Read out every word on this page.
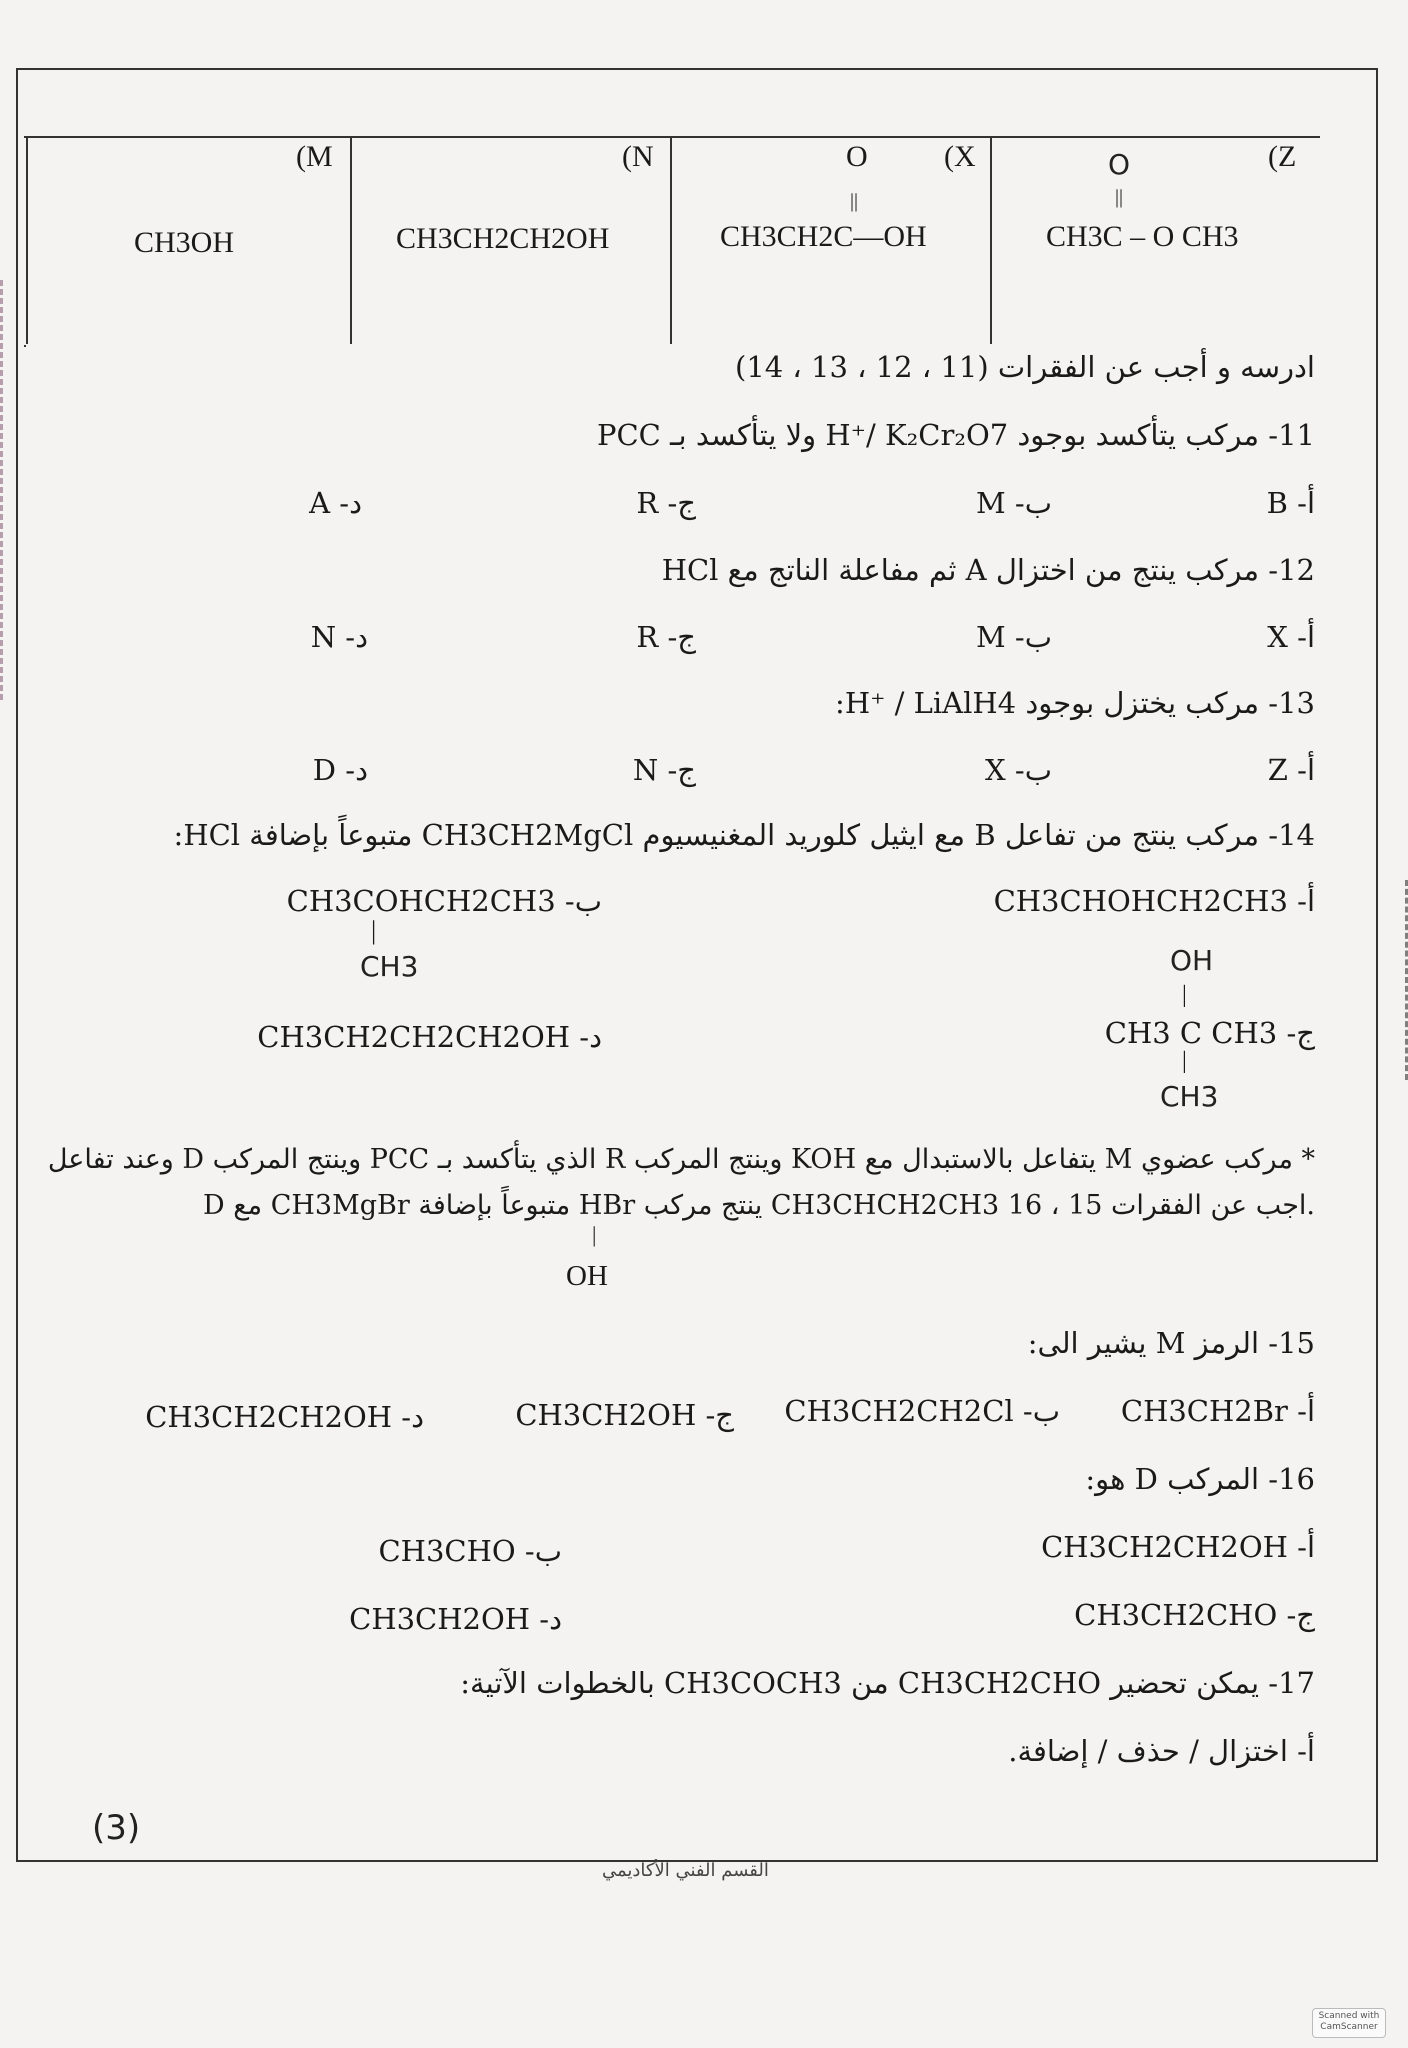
(Z
(X
(N
(M	O
||
O
||
CH3C – O CH3
CH3CH2C—OH
CH3CH2CH2OH
CH3OH
ادرسه و أجب عن الفقرات (11 ، 12 ، 13 ، 14)
11- مركب يتأكسد بوجود H⁺/ K₂Cr₂O7 ولا يتأكسد بـ PCC
أ- B
ب- M
ج- R
د- A
12- مركب ينتج من اختزال A ثم مفاعلة الناتج مع HCl
أ- X
ب- M
ج- R
د- N
13- مركب يختزل بوجود H⁺ / LiAlH4:
أ- Z
ب- X
ج- N
د- D
14- مركب ينتج من تفاعل B مع ايثيل كلوريد المغنيسيوم CH3CH2MgCl متبوعاً بإضافة HCl:
أ- CH3CHOHCH2CH3
ب- CH3COHCH2CH3
|
CH3	OH
|
ج- CH3 C CH3
|
CH3
د- CH3CH2CH2CH2OH
* مركب عضوي M يتفاعل بالاستبدال مع KOH وينتج المركب R الذي يتأكسد بـ PCC وينتج المركب D وعند تفاعل
D مع CH3MgBr متبوعاً بإضافة HBr ينتج مركب CH3CHCH2CH3 اجب عن الفقرات 15 ، 16.
|
OH
15- الرمز M يشير الى:
أ- CH3CH2Br
ب- CH3CH2CH2Cl
ج- CH3CH2OH
د- CH3CH2CH2OH
16- المركب D هو:
أ- CH3CH2CH2OH
ب- CH3CHO
ج- CH3CH2CHO
د- CH3CH2OH
17- يمكن تحضير CH3CH2CHO من CH3COCH3 بالخطوات الآتية:
أ- اختزال / حذف / إضافة.
(3)
القسم الفني الأكاديمي
Scanned with CamScanner
